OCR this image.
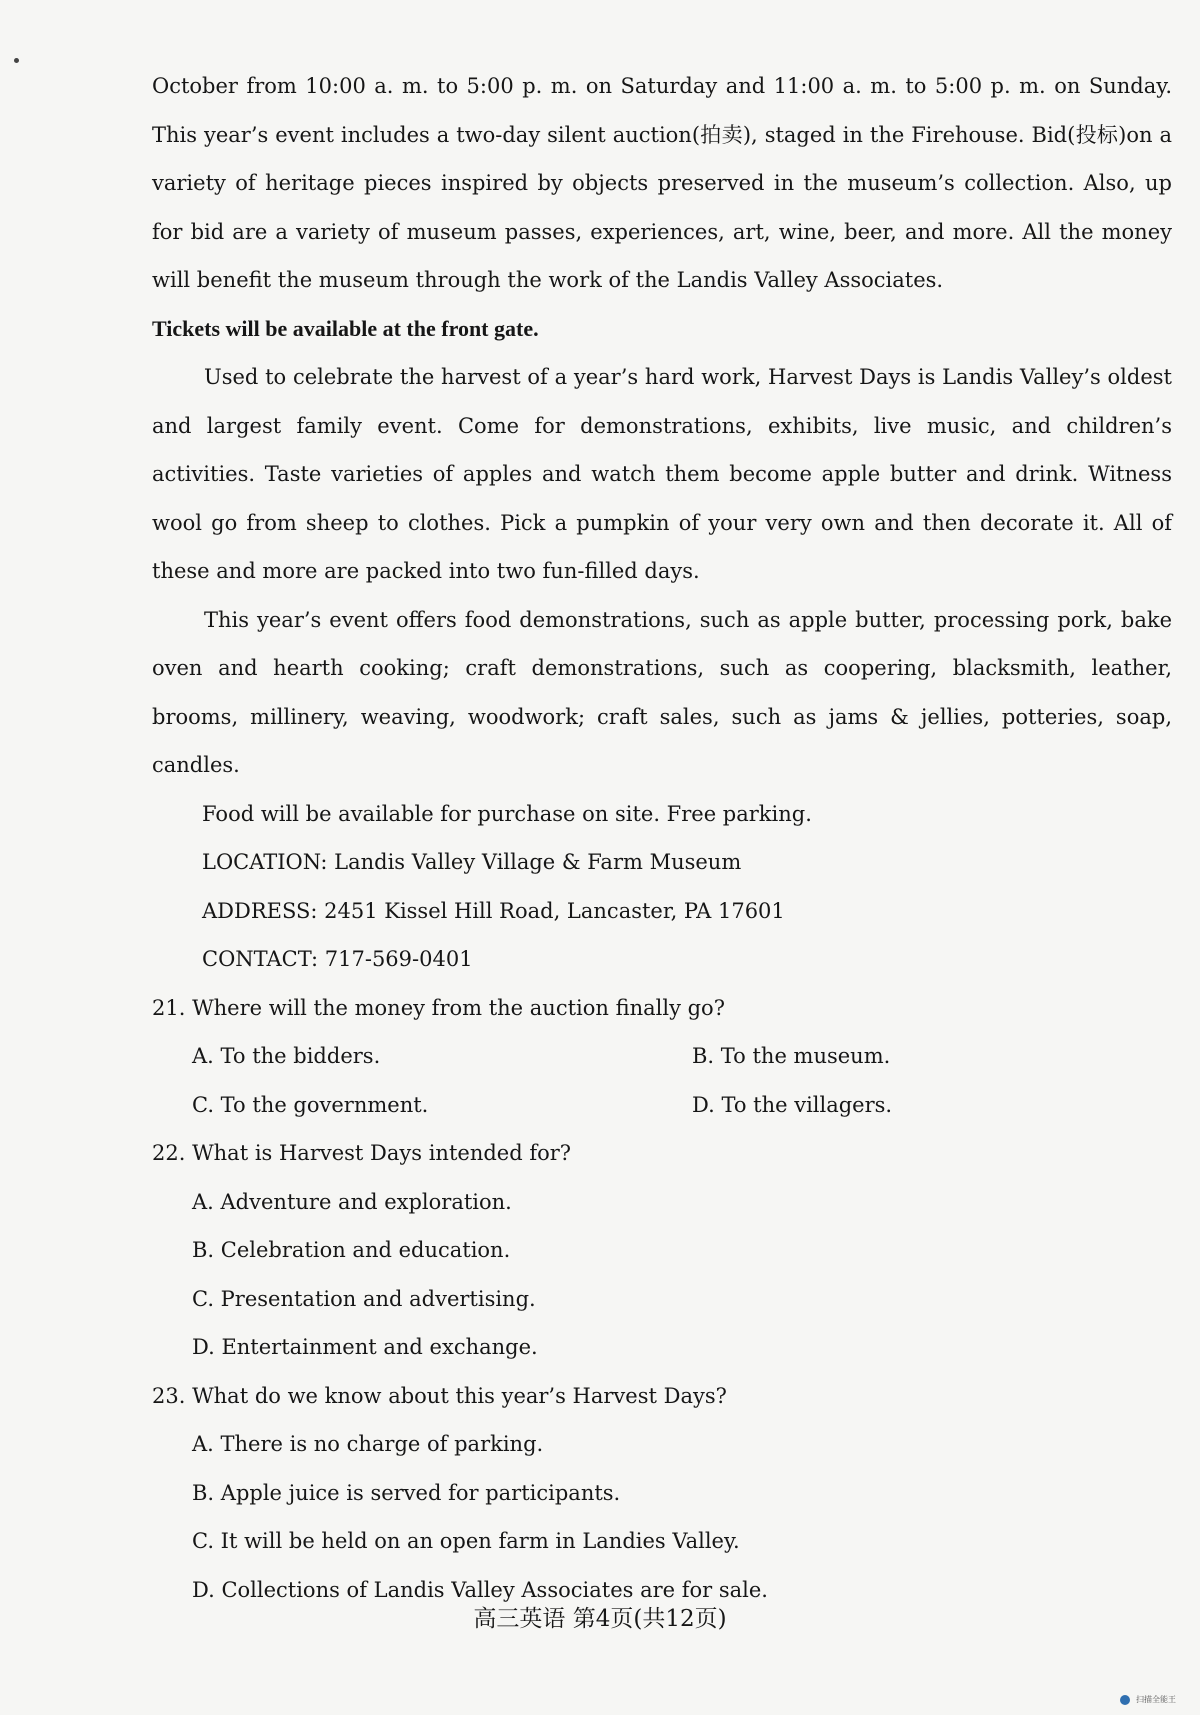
October from 10:00 a. m. to 5:00 p. m. on Saturday and 11:00 a. m. to 5:00 p. m. on Sunday. This year’s event includes a two-day silent auction(拍卖), staged in the Firehouse. Bid(投标)on a variety of heritage pieces inspired by objects preserved in the museum’s collection. Also, up for bid are a variety of museum passes, experiences, art, wine, beer, and more. All the money will benefit the museum through the work of the Landis Valley Associates.

Tickets will be available at the front gate.

Used to celebrate the harvest of a year’s hard work, Harvest Days is Landis Valley’s oldest and largest family event. Come for demonstrations, exhibits, live music, and children’s activities. Taste varieties of apples and watch them become apple butter and drink. Witness wool go from sheep to clothes. Pick a pumpkin of your very own and then decorate it. All of these and more are packed into two fun-filled days.

This year’s event offers food demonstrations, such as apple butter, processing pork, bake oven and hearth cooking; craft demonstrations, such as coopering, blacksmith, leather, brooms, millinery, weaving, woodwork; craft sales, such as jams & jellies, potteries, soap, candles.

Food will be available for purchase on site. Free parking.

LOCATION: Landis Valley Village & Farm Museum

ADDRESS: 2451 Kissel Hill Road, Lancaster, PA 17601

CONTACT: 717-569-0401

21. Where will the money from the auction finally go?

A. To the bidders.	B. To the museum.
C. To the government.	D. To the villagers.

22. What is Harvest Days intended for?

A. Adventure and exploration.

B. Celebration and education.

C. Presentation and advertising.

D. Entertainment and exchange.

23. What do we know about this year’s Harvest Days?

A. There is no charge of parking.

B. Apple juice is served for participants.

C. It will be held on an open farm in Landies Valley.

D. Collections of Landis Valley Associates are for sale.

高三英语 第4页(共12页)
扫描全能王
